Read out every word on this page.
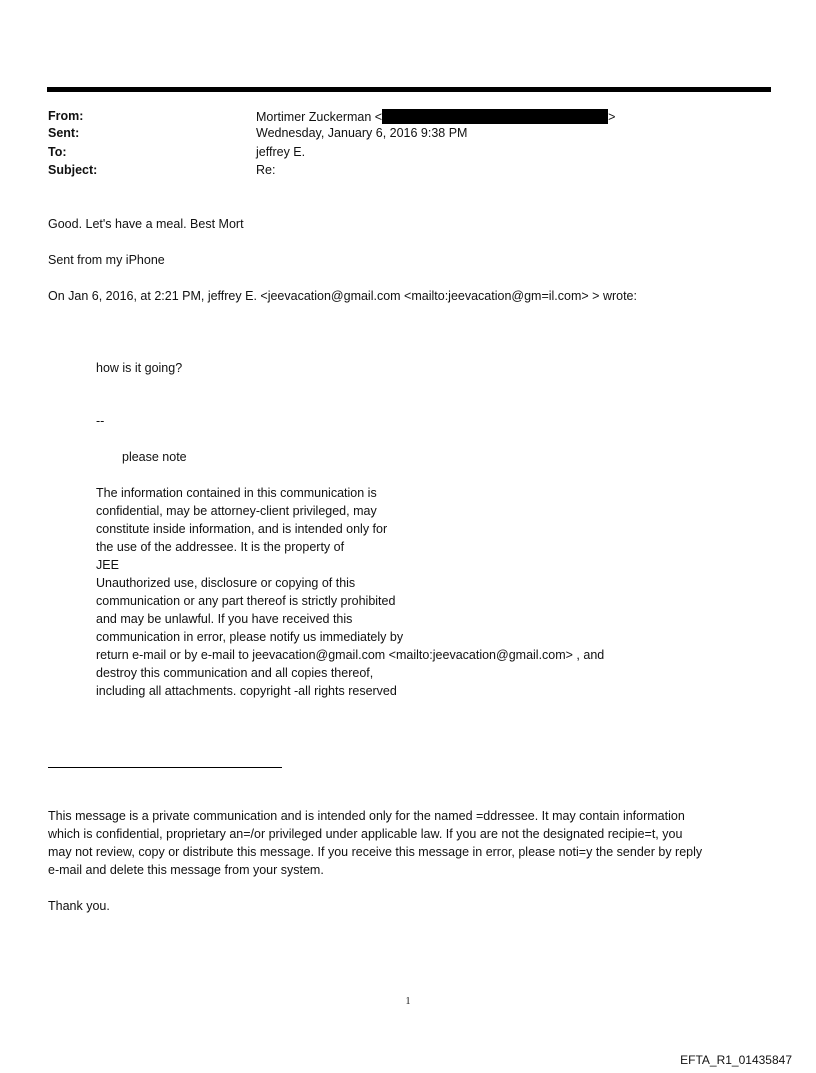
From:	Mortimer Zuckerman <	>
Sent:	Wednesday, January 6, 2016 9:38 PM
To:	jeffrey E.
Subject:	Re:
Good. Let's have a meal. Best Mort
Sent from my iPhone
On Jan 6, 2016, at 2:21 PM, jeffrey E. <jeevacation@gmail.com <mailto:jeevacation@gm=il.com> > wrote:
how is it going?
--
please note
The information contained in this communication is
confidential, may be attorney-client privileged, may
constitute inside information, and is intended only for
the use of the addressee. It is the property of
JEE
Unauthorized use, disclosure or copying of this
communication or any part thereof is strictly prohibited
and may be unlawful. If you have received this
communication in error, please notify us immediately by
return e-mail or by e-mail to jeevacation@gmail.com <mailto:jeevacation@gmail.com> , and
destroy this communication and all copies thereof,
including all attachments. copyright -all rights reserved
This message is a private communication and is intended only for the named =ddressee. It may contain information
which is confidential, proprietary an=/or privileged under applicable law. If you are not the designated recipie=t, you
may not review, copy or distribute this message. If you receive this message in error, please noti=y the sender by reply
e-mail and delete this message from your system.
Thank you.
1
EFTA_R1_01435847
